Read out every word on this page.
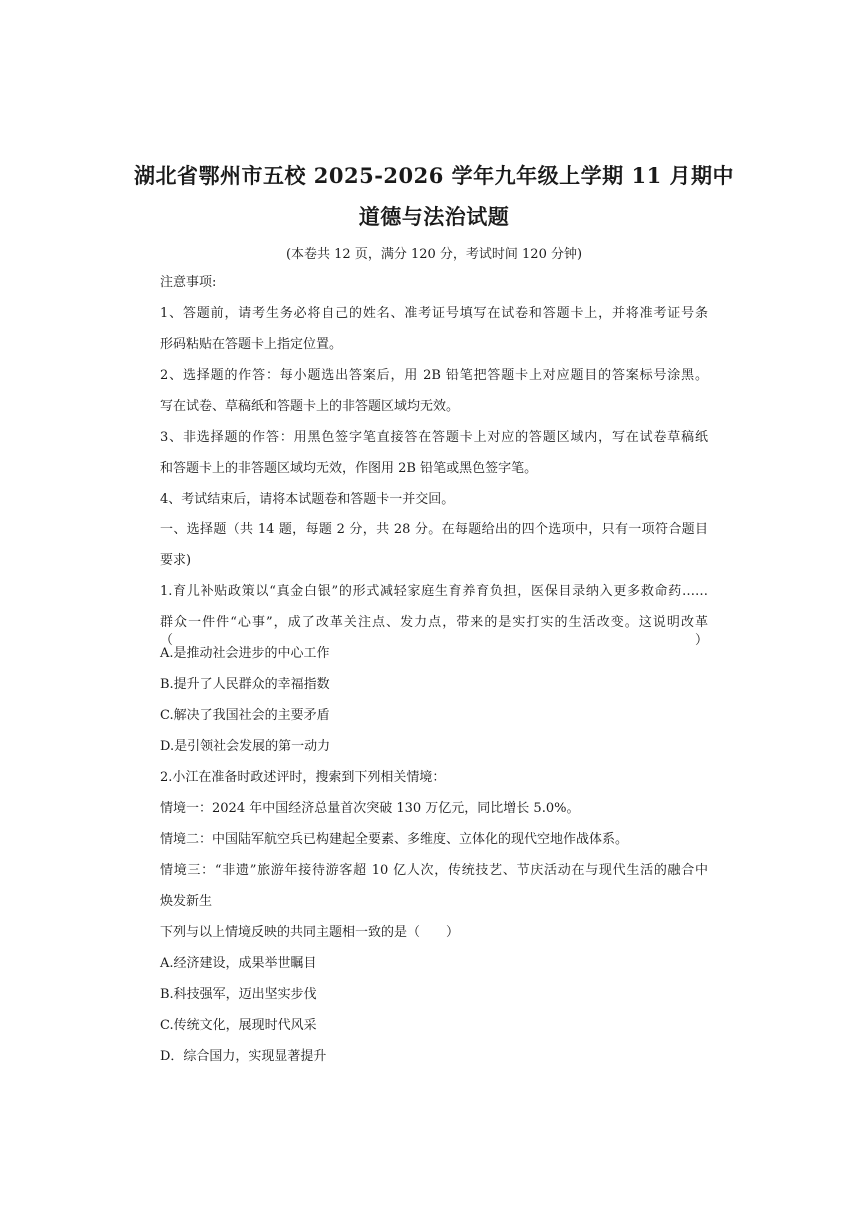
湖北省鄂州市五校 2025-2026 学年九年级上学期 11 月期中
道德与法治试题
(本卷共 12 页，满分 120 分，考试时间 120 分钟)
注意事项:
1、答题前，请考生务必将自己的姓名、准考证号填写在试卷和答题卡上，并将准考证号条
形码粘贴在答题卡上指定位置。
2、选择题的作答：每小题选出答案后，用 2B 铅笔把答题卡上对应题目的答案标号涂黑。
写在试卷、草稿纸和答题卡上的非答题区域均无效。
3、非选择题的作答：用黑色签字笔直接答在答题卡上对应的答题区域内，写在试卷草稿纸
和答题卡上的非答题区域均无效，作图用 2B 铅笔或黑色签字笔。
4、考试结束后，请将本试题卷和答题卡一并交回。
一、选择题（共 14 题，每题 2 分，共 28 分。在每题给出的四个选项中，只有一项符合题目
要求)
1.育儿补贴政策以“真金白银”的形式减轻家庭生育养育负担，医保目录纳入更多救命药……
群众一件件“心事”，成了改革关注点、发力点，带来的是实打实的生活改变。这说明改革（　　）
A.是推动社会进步的中心工作
B.提升了人民群众的幸福指数
C.解决了我国社会的主要矛盾
D.是引领社会发展的第一动力
2.小江在准备时政述评时，搜索到下列相关情境：
情境一：2024 年中国经济总量首次突破 130 万亿元，同比增长 5.0%。
情境二：中国陆军航空兵已构建起全要素、多维度、立体化的现代空地作战体系。
情境三：“非遗”旅游年接待游客超 10 亿人次，传统技艺、节庆活动在与现代生活的融合中
焕发新生
下列与以上情境反映的共同主题相一致的是（　　）
A.经济建设，成果举世瞩目
B.科技强军，迈出坚实步伐
C.传统文化，展现时代风采
D．综合国力，实现显著提升
